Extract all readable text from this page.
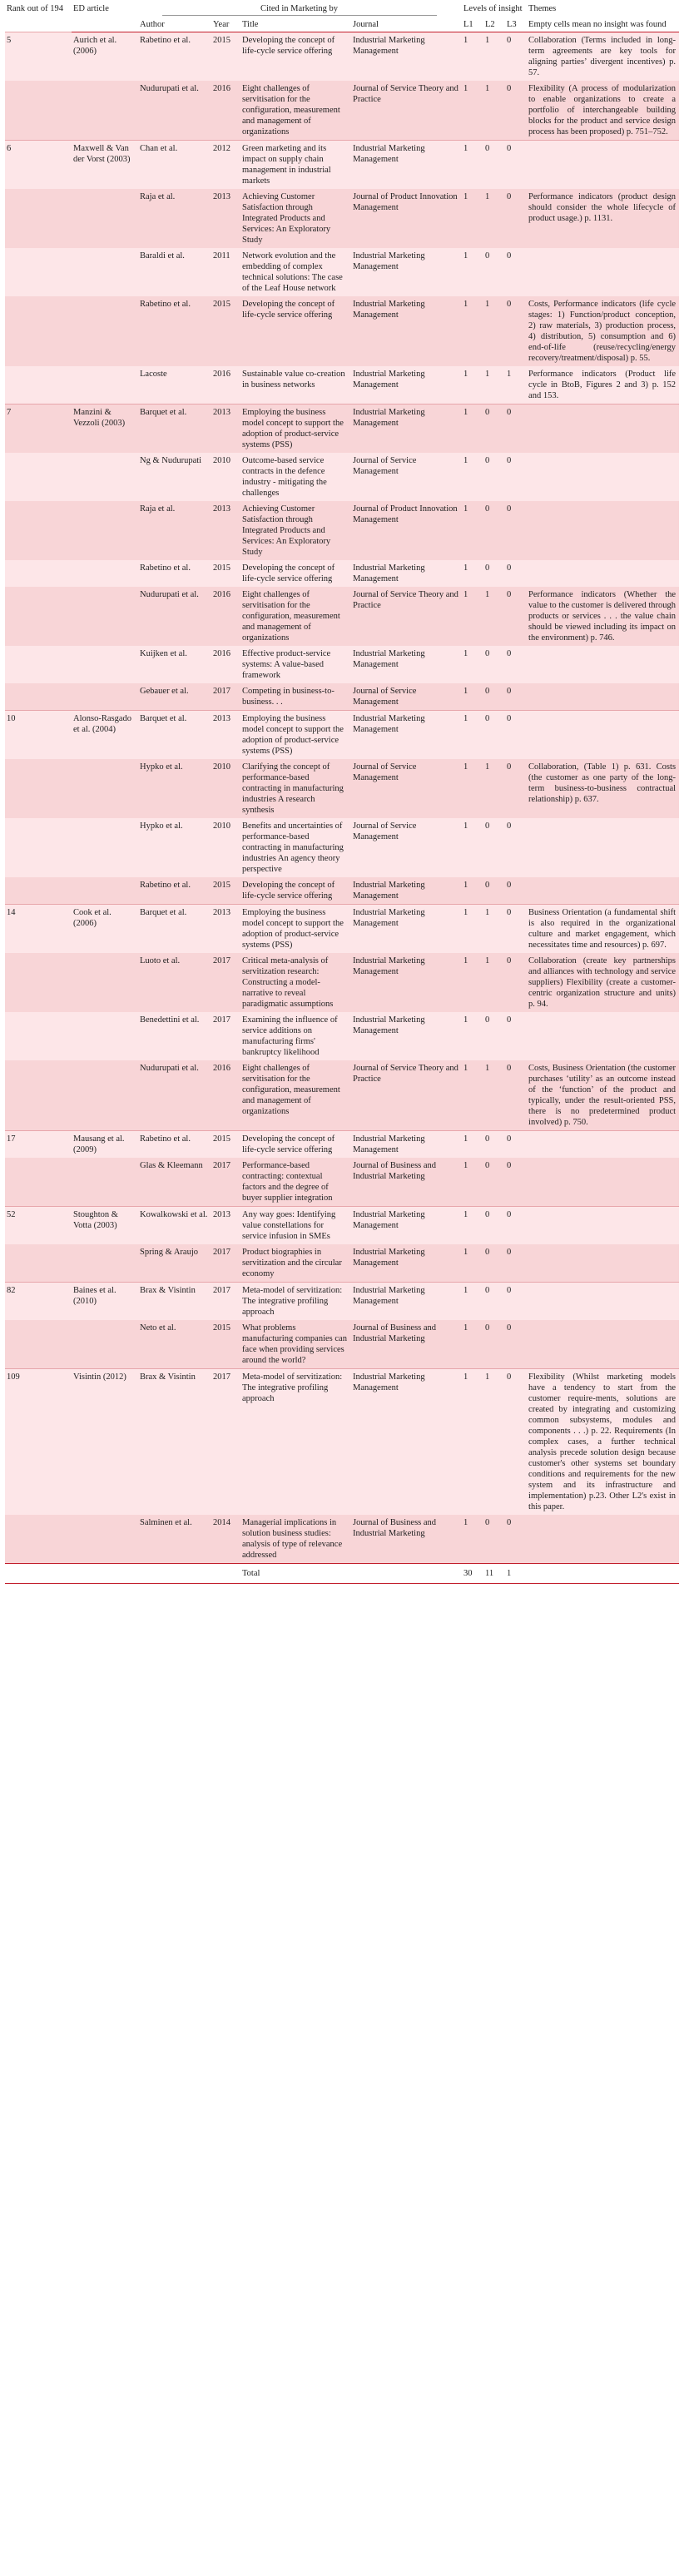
Rank out of 194	ED article	Cited in Marketing by				Levels of insight			Themes
		Author	Year	Title	Journal	L1	L2	L3	Empty cells mean no insight was found
5	Aurich et al. (2006)	Rabetino et al.	2015	Developing the concept of life-cycle service offering	Industrial Marketing Management	1	1	0	Collaboration (Terms included in long-term agreements are key tools for aligning parties’ divergent incentives) p. 57.
		Nudurupati et al.	2016	Eight challenges of servitisation for the configuration, measurement and management of organizations	Journal of Service Theory and Practice	1	1	0	Flexibility (A process of modularization to enable organizations to create a portfolio of interchangeable building blocks for the product and service design process has been proposed) p. 751–752.
6	Maxwell & Van der Vorst (2003)	Chan et al.	2012	Green marketing and its impact on supply chain management in industrial markets	Industrial Marketing Management	1	0	0	
		Raja et al.	2013	Achieving Customer Satisfaction through Integrated Products and Services: An Exploratory Study	Journal of Product Innovation Management	1	1	0	Performance indicators (product design should consider the whole lifecycle of product usage.) p. 1131.
		Baraldi et al.	2011	Network evolution and the embedding of complex technical solutions: The case of the Leaf House network	Industrial Marketing Management	1	0	0	
		Rabetino et al.	2015	Developing the concept of life-cycle service offering	Industrial Marketing Management	1	1	0	Costs, Performance indicators (life cycle stages: 1) Function/product conception, 2) raw materials, 3) production process, 4) distribution, 5) consumption and 6) end-of-life (reuse/recycling/energy recovery/treatment/disposal) p. 55.
		Lacoste	2016	Sustainable value co-creation in business networks	Industrial Marketing Management	1	1	1	Performance indicators (Product life cycle in BtoB, Figures 2 and 3) p. 152 and 153.
7	Manzini & Vezzoli (2003)	Barquet et al.	2013	Employing the business model concept to support the adoption of product-service systems (PSS)	Industrial Marketing Management	1	0	0	
		Ng & Nudurupati	2010	Outcome-based service contracts in the defence industry - mitigating the challenges	Journal of Service Management	1	0	0	
		Raja et al.	2013	Achieving Customer Satisfaction through Integrated Products and Services: An Exploratory Study	Journal of Product Innovation Management	1	0	0	
		Rabetino et al.	2015	Developing the concept of life-cycle service offering	Industrial Marketing Management	1	0	0	
		Nudurupati et al.	2016	Eight challenges of servitisation for the configuration, measurement and management of organizations	Journal of Service Theory and Practice	1	1	0	Performance indicators (Whether the value to the customer is delivered through products or services . . . the value chain should be viewed including its impact on the environment) p. 746.
		Kuijken et al.	2016	Effective product-service systems: A value-based framework	Industrial Marketing Management	1	0	0	
		Gebauer et al.	2017	Competing in business-to-business. . .	Journal of Service Management	1	0	0	
10	Alonso-Rasgado et al. (2004)	Barquet et al.	2013	Employing the business model concept to support the adoption of product-service systems (PSS)	Industrial Marketing Management	1	0	0	
		Hypko et al.	2010	Clarifying the concept of performance-based contracting in manufacturing industries A research synthesis	Journal of Service Management	1	1	0	Collaboration, (Table 1) p. 631. Costs (the customer as one party of the long-term business-to-business contractual relationship) p. 637.
		Hypko et al.	2010	Benefits and uncertainties of performance-based contracting in manufacturing industries An agency theory perspective	Journal of Service Management	1	0	0	
		Rabetino et al.	2015	Developing the concept of life-cycle service offering	Industrial Marketing Management	1	0	0	
14	Cook et al. (2006)	Barquet et al.	2013	Employing the business model concept to support the adoption of product-service systems (PSS)	Industrial Marketing Management	1	1	0	Business Orientation (a fundamental shift is also required in the organizational culture and market engagement, which necessitates time and resources) p. 697.
		Luoto et al.	2017	Critical meta-analysis of servitization research: Constructing a model-narrative to reveal paradigmatic assumptions	Industrial Marketing Management	1	1	0	Collaboration (create key partnerships and alliances with technology and service suppliers) Flexibility (create a customer-centric organization structure and units) p. 94.
		Benedettini et al.	2017	Examining the influence of service additions on manufacturing firms' bankruptcy likelihood	Industrial Marketing Management	1	0	0	
		Nudurupati et al.	2016	Eight challenges of servitisation for the configuration, measurement and management of organizations	Journal of Service Theory and Practice	1	1	0	Costs, Business Orientation (the customer purchases ‘utility’ as an outcome instead of the ‘function’ of the product and typically, under the result-oriented PSS, there is no predetermined product involved) p. 750.
17	Mausang et al. (2009)	Rabetino et al.	2015	Developing the concept of life-cycle service offering	Industrial Marketing Management	1	0	0	
		Glas & Kleemann	2017	Performance-based contracting: contextual factors and the degree of buyer supplier integration	Journal of Business and Industrial Marketing	1	0	0	
52	Stoughton & Votta (2003)	Kowalkowski et al.	2013	Any way goes: Identifying value constellations for service infusion in SMEs	Industrial Marketing Management	1	0	0	
		Spring & Araujo	2017	Product biographies in servitization and the circular economy	Industrial Marketing Management	1	0	0	
82	Baines et al. (2010)	Brax & Visintin	2017	Meta-model of servitization: The integrative profiling approach	Industrial Marketing Management	1	0	0	
		Neto et al.	2015	What problems manufacturing companies can face when providing services around the world?	Journal of Business and Industrial Marketing	1	0	0	
109	Visintin (2012)	Brax & Visintin	2017	Meta-model of servitization: The integrative profiling approach	Industrial Marketing Management	1	1	0	Flexibility (Whilst marketing models have a tendency to start from the customer require-ments, solutions are created by integrating and customizing common subsystems, modules and components . . .) p. 22. Requirements (In complex cases, a further technical analysis precede solution design because customer's other systems set boundary conditions and requirements for the new system and its infrastructure and implementation) p.23. Other L2's exist in this paper.
		Salminen et al.	2014	Managerial implications in solution business studies: analysis of type of relevance addressed	Journal of Business and Industrial Marketing	1	0	0	
				Total		30	11	1	
